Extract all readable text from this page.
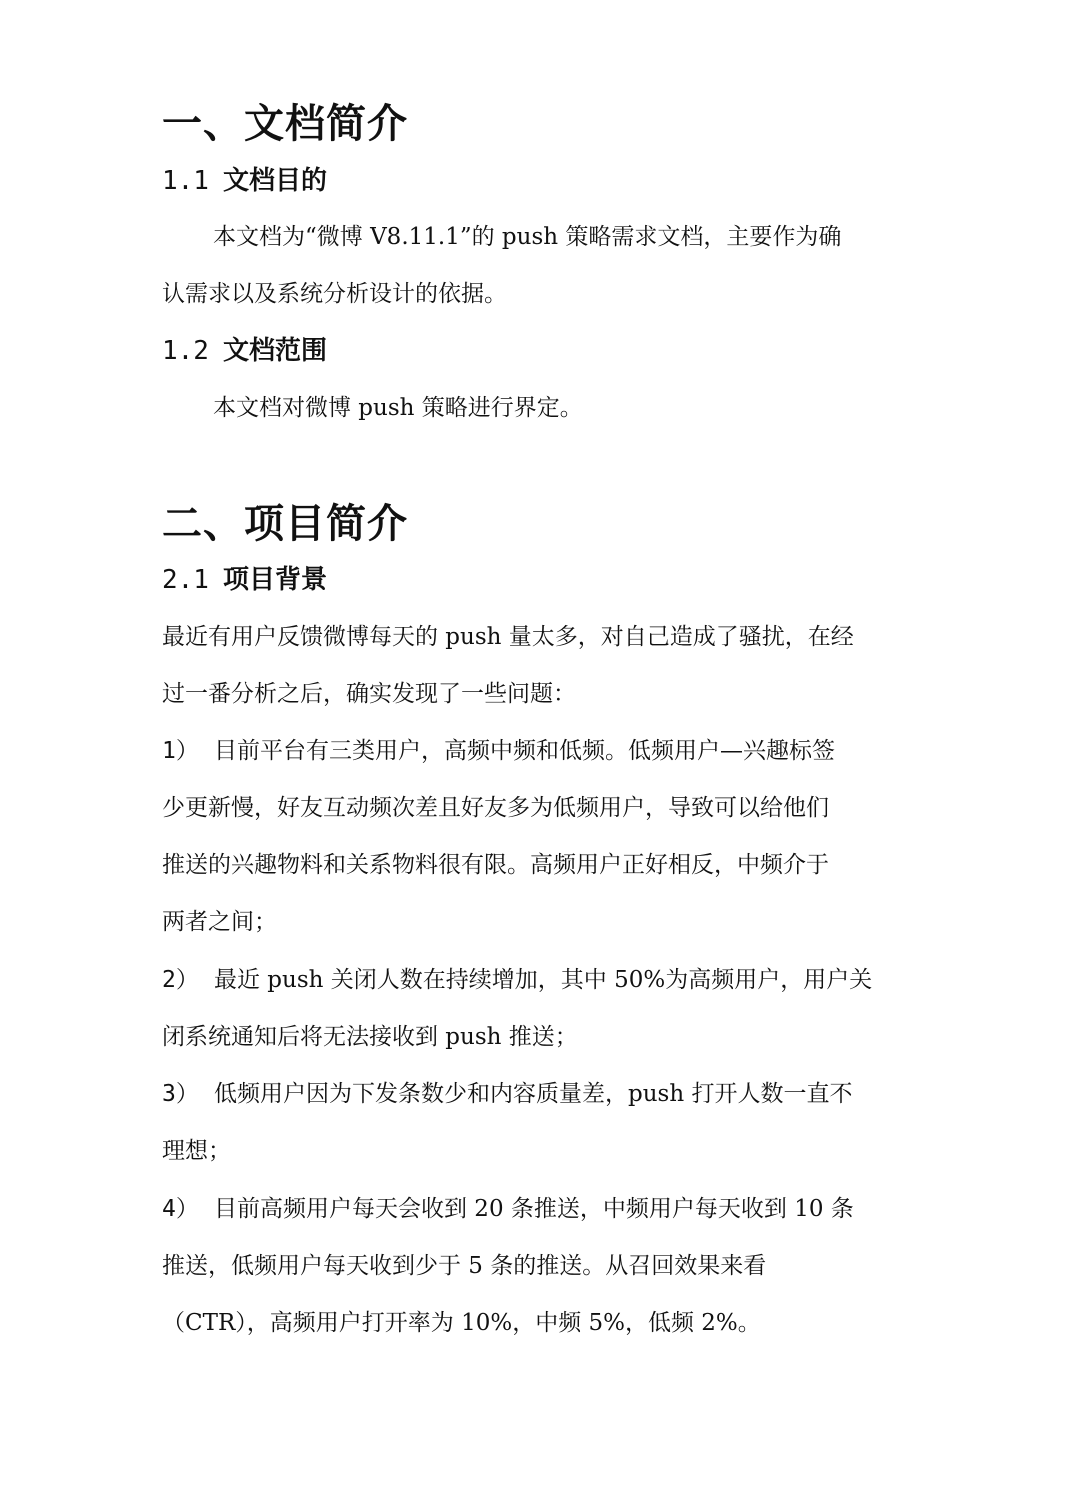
一、文档简介
1.1 文档目的
本文档为“微博 V8.11.1”的 push 策略需求文档，主要作为确
认需求以及系统分析设计的依据。
1.2 文档范围
本文档对微博 push 策略进行界定。
二、项目简介
2.1 项目背景
最近有用户反馈微博每天的 push 量太多，对自己造成了骚扰，在经
过一番分析之后，确实发现了一些问题：
1） 目前平台有三类用户，高频中频和低频。低频用户—兴趣标签
少更新慢，好友互动频次差且好友多为低频用户，导致可以给他们
推送的兴趣物料和关系物料很有限。高频用户正好相反，中频介于
两者之间；
2） 最近 push 关闭人数在持续增加，其中 50%为高频用户，用户关
闭系统通知后将无法接收到 push 推送；
3） 低频用户因为下发条数少和内容质量差，push 打开人数一直不
理想；
4） 目前高频用户每天会收到 20 条推送，中频用户每天收到 10 条
推送，低频用户每天收到少于 5 条的推送。从召回效果来看
（CTR），高频用户打开率为 10%，中频 5%，低频 2%。
